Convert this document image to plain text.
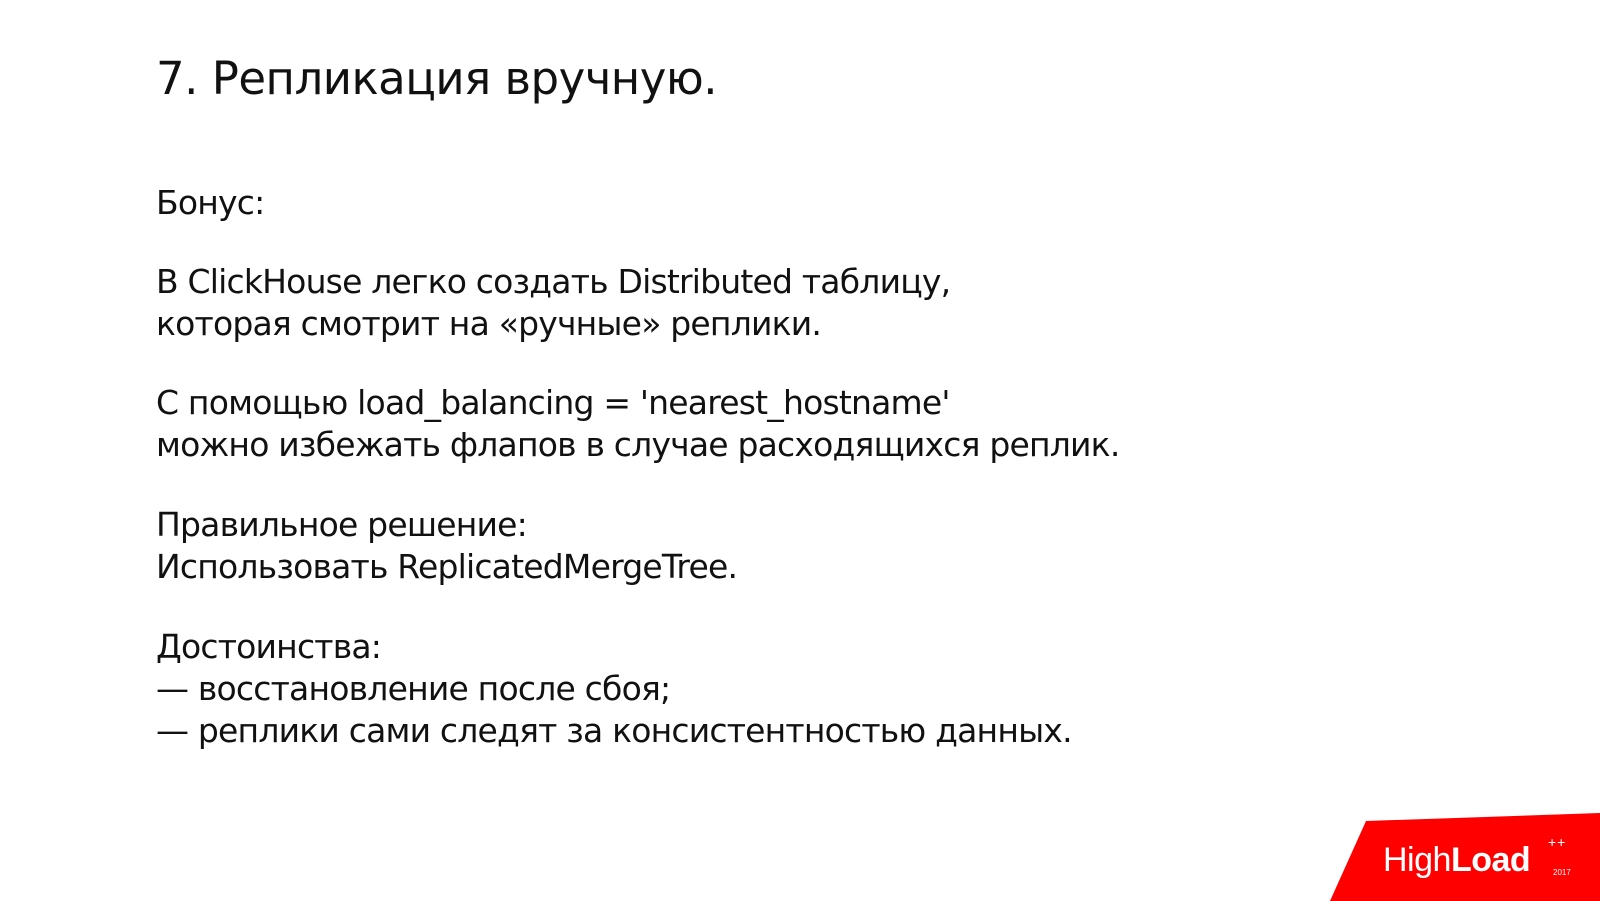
7. Репликация вручную.
Бонус:
В ClickHouse легко создать Distributed таблицу,
которая смотрит на «ручные» реплики.
С помощью load_balancing = 'nearest_hostname'
можно избежать флапов в случае расходящихся реплик.
Правильное решение:
Использовать ReplicatedMergeTree.
Достоинства:
— восстановление после сбоя;
— реплики сами следят за консистентностью данных.
HighLoad ++
2017
